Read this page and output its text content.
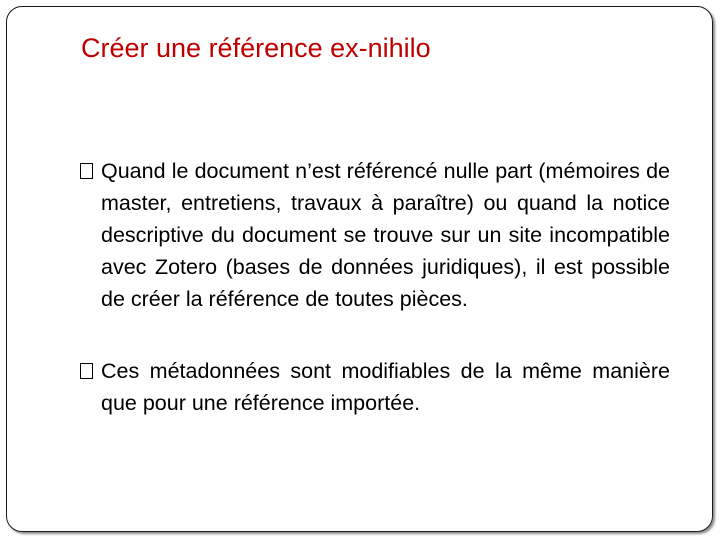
Créer une référence ex-nihilo
Quand le document n’est référencé nulle part (mémoires de master, entretiens, travaux à paraître) ou quand la notice descriptive du document se trouve sur un site incompatible avec Zotero (bases de données juridiques), il est possible de créer la référence de toutes pièces.
Ces métadonnées sont modifiables de la même manière que pour une référence importée.
